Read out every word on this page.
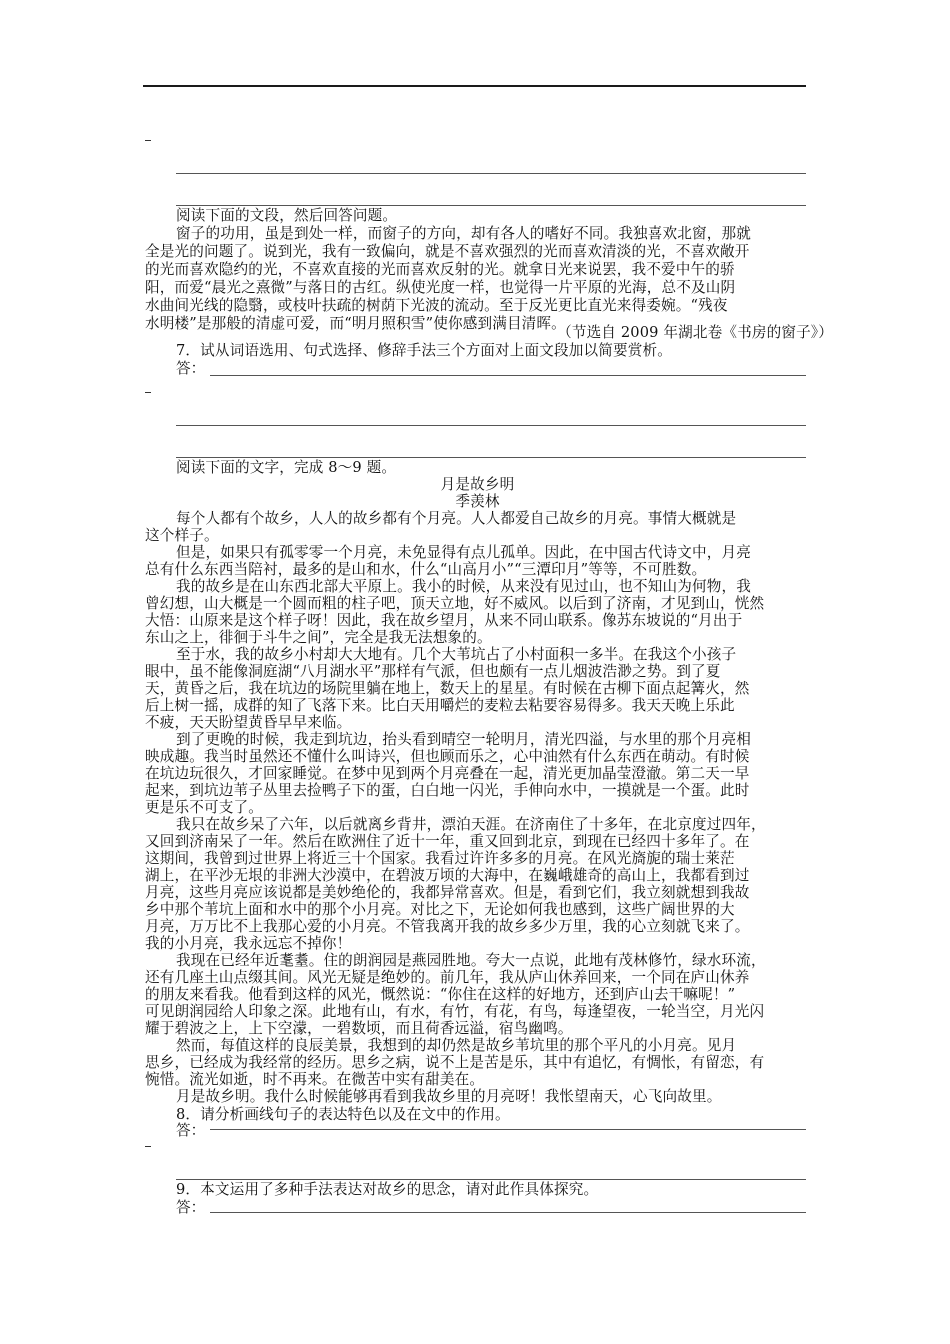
阅读下面的文段，然后回答问题。
窗子的功用，虽是到处一样，而窗子的方向，却有各人的嗜好不同。我独喜欢北窗，那就
全是光的问题了。说到光，我有一致偏向，就是不喜欢强烈的光而喜欢清淡的光，不喜欢敞开
的光而喜欢隐约的光，不喜欢直接的光而喜欢反射的光。就拿日光来说罢，我不爱中午的骄
阳，而爱“晨光之熹微”与落日的古红。纵使光度一样，也觉得一片平原的光海，总不及山阴
水曲间光线的隐翳，或枝叶扶疏的树荫下光波的流动。至于反光更比直光来得委婉。“残夜
水明楼”是那般的清虚可爱，而“明月照积雪”使你感到满目清晖。
（节选自 2009 年湖北卷《书房的窗子》）
7．试从词语选用、句式选择、修辞手法三个方面对上面文段加以简要赏析。
答：
阅读下面的文字，完成 8～9 题。
月是故乡明
季羡林
每个人都有个故乡，人人的故乡都有个月亮。人人都爱自己故乡的月亮。事情大概就是
这个样子。
但是，如果只有孤零零一个月亮，未免显得有点儿孤单。因此，在中国古代诗文中，月亮
总有什么东西当陪衬，最多的是山和水，什么“山高月小”“三潭印月”等等，不可胜数。
我的故乡是在山东西北部大平原上。我小的时候，从来没有见过山，也不知山为何物，我
曾幻想，山大概是一个圆而粗的柱子吧，顶天立地，好不威风。以后到了济南，才见到山，恍然
大悟：山原来是这个样子呀！因此，我在故乡望月，从来不同山联系。像苏东坡说的“月出于
东山之上，徘徊于斗牛之间”，完全是我无法想象的。
至于水，我的故乡小村却大大地有。几个大苇坑占了小村面积一多半。在我这个小孩子
眼中，虽不能像洞庭湖“八月湖水平”那样有气派，但也颇有一点儿烟波浩渺之势。到了夏
天，黄昏之后，我在坑边的场院里躺在地上，数天上的星星。有时候在古柳下面点起篝火，然
后上树一摇，成群的知了飞落下来。比白天用嚼烂的麦粒去粘要容易得多。我天天晚上乐此
不疲，天天盼望黄昏早早来临。
到了更晚的时候，我走到坑边，抬头看到晴空一轮明月，清光四溢，与水里的那个月亮相
映成趣。我当时虽然还不懂什么叫诗兴，但也顾而乐之，心中油然有什么东西在萌动。有时候
在坑边玩很久，才回家睡觉。在梦中见到两个月亮叠在一起，清光更加晶莹澄澈。第二天一早
起来，到坑边苇子丛里去捡鸭子下的蛋，白白地一闪光，手伸向水中，一摸就是一个蛋。此时
更是乐不可支了。
我只在故乡呆了六年，以后就离乡背井，漂泊天涯。在济南住了十多年，在北京度过四年，
又回到济南呆了一年。然后在欧洲住了近十一年，重又回到北京，到现在已经四十多年了。在
这期间，我曾到过世界上将近三十个国家。我看过许许多多的月亮。在风光旖旎的瑞士莱茫
湖上，在平沙无垠的非洲大沙漠中，在碧波万顷的大海中，在巍峨雄奇的高山上，我都看到过
月亮，这些月亮应该说都是美妙绝伦的，我都异常喜欢。但是，看到它们，我立刻就想到我故
乡中那个苇坑上面和水中的那个小月亮。对比之下，无论如何我也感到，这些广阔世界的大
月亮，万万比不上我那心爱的小月亮。不管我离开我的故乡多少万里，我的心立刻就飞来了。
我的小月亮，我永远忘不掉你！
我现在已经年近耄耋。住的朗润园是燕园胜地。夸大一点说，此地有茂林修竹，绿水环流，
还有几座土山点缀其间。风光无疑是绝妙的。前几年，我从庐山休养回来，一个同在庐山休养
的朋友来看我。他看到这样的风光，慨然说：“你住在这样的好地方，还到庐山去干嘛呢！”
可见朗润园给人印象之深。此地有山，有水，有竹，有花，有鸟，每逢望夜，一轮当空，月光闪
耀于碧波之上，上下空濛，一碧数顷，而且荷香远溢，宿鸟幽鸣。
然而，每值这样的良辰美景，我想到的却仍然是故乡苇坑里的那个平凡的小月亮。见月
思乡，已经成为我经常的经历。思乡之病，说不上是苦是乐，其中有追忆，有惆怅，有留恋，有
惋惜。流光如逝，时不再来。在微苦中实有甜美在。
月是故乡明。我什么时候能够再看到我故乡里的月亮呀！我怅望南天，心飞向故里。
8．请分析画线句子的表达特色以及在文中的作用。
答：
9．本文运用了多种手法表达对故乡的思念，请对此作具体探究。
答：
